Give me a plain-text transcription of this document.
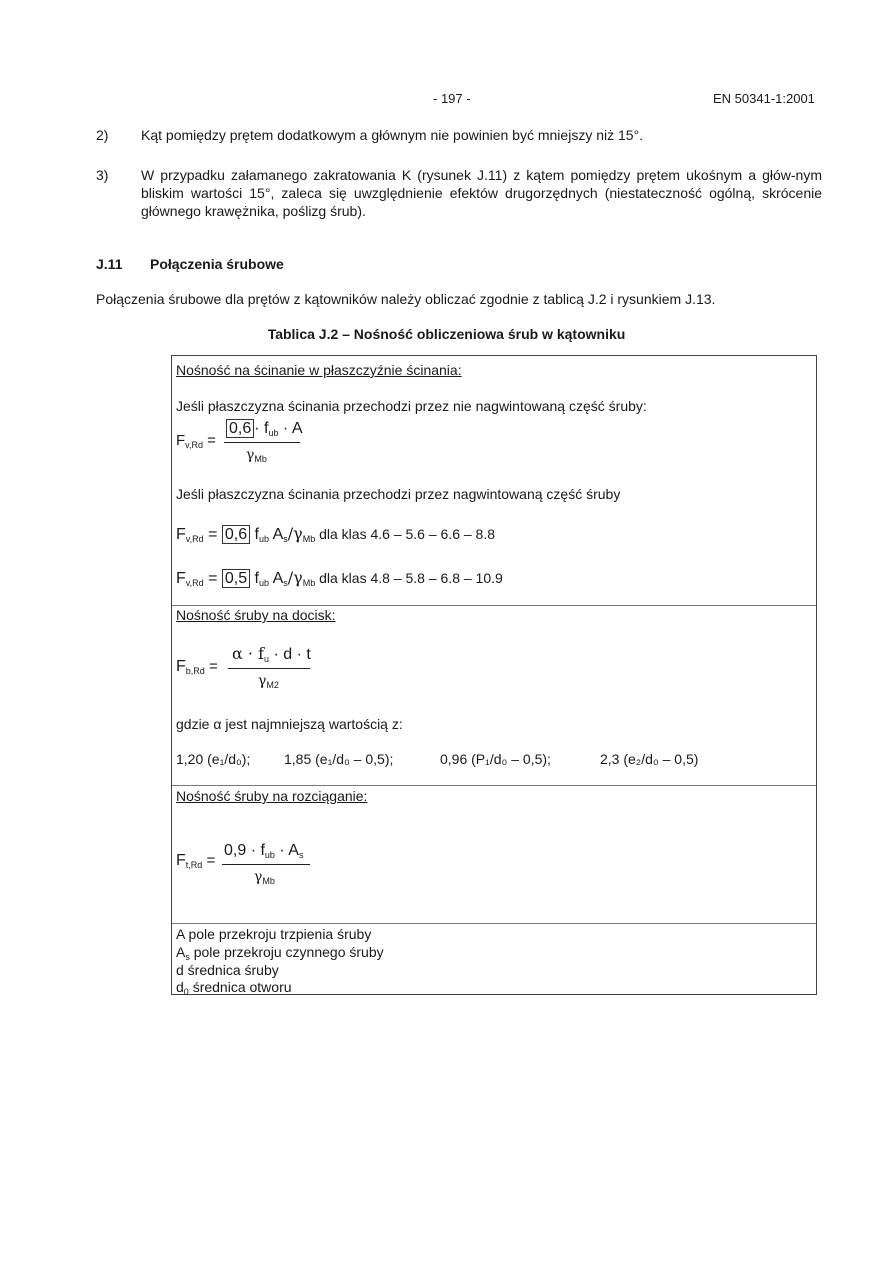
- 197 -	EN 50341-1:2001
2) Kąt pomiędzy prętem dodatkowym a głównym nie powinien być mniejszy niż 15°.
3) W przypadku załamanego zakratowania K (rysunek J.11) z kątem pomiędzy prętem ukośnym a głów-nym bliskim wartości 15°, zaleca się uwzględnienie efektów drugorzędnych (niestateczność ogólną, skrócenie głównego krawężnika, poślizg śrub).
J.11 Połączenia śrubowe
Połączenia śrubowe dla prętów z kątowników należy obliczać zgodnie z tablicą J.2 i rysunkiem J.13.
Tablica J.2 – Nośność obliczeniowa śrub w kątowniku
Nośność na ścinanie w płaszczyźnie ścinania:
Jeśli płaszczyzna ścinania przechodzi przez nie nagwintowaną część śruby:
$F_{v,Rd}$ =
0,6 · fub · A
$\gamma_{Mb}$
Jeśli płaszczyzna ścinania przechodzi przez nagwintowaną część śruby
Fv,Rd = 0,6 fub As/γMb dla klas 4.6 – 5.6 – 6.6 – 8.8
Fv,Rd = 0,5 fub As/γMb dla klas 4.8 – 5.8 – 6.8 – 10.9
Nośność śruby na docisk:
$F_{b,Rd}$ =
α · fu · d · t
$\gamma_{M2}$
gdzie α jest najmniejszą wartością z:
1,20 (e₁/d₀); 1,85 (e₁/d₀ – 0,5);	0,96 (P₁/d₀ – 0,5);	2,3 (e₂/d₀ – 0,5)
Nośność śruby na rozciąganie:
$F_{t,Rd}$ =
0,9 · fub · As
$\gamma_{Mb}$
A pole przekroju trzpienia śruby
$A_s$ pole przekroju czynnego śruby
d średnica śruby
$d_0$ średnica otworu
